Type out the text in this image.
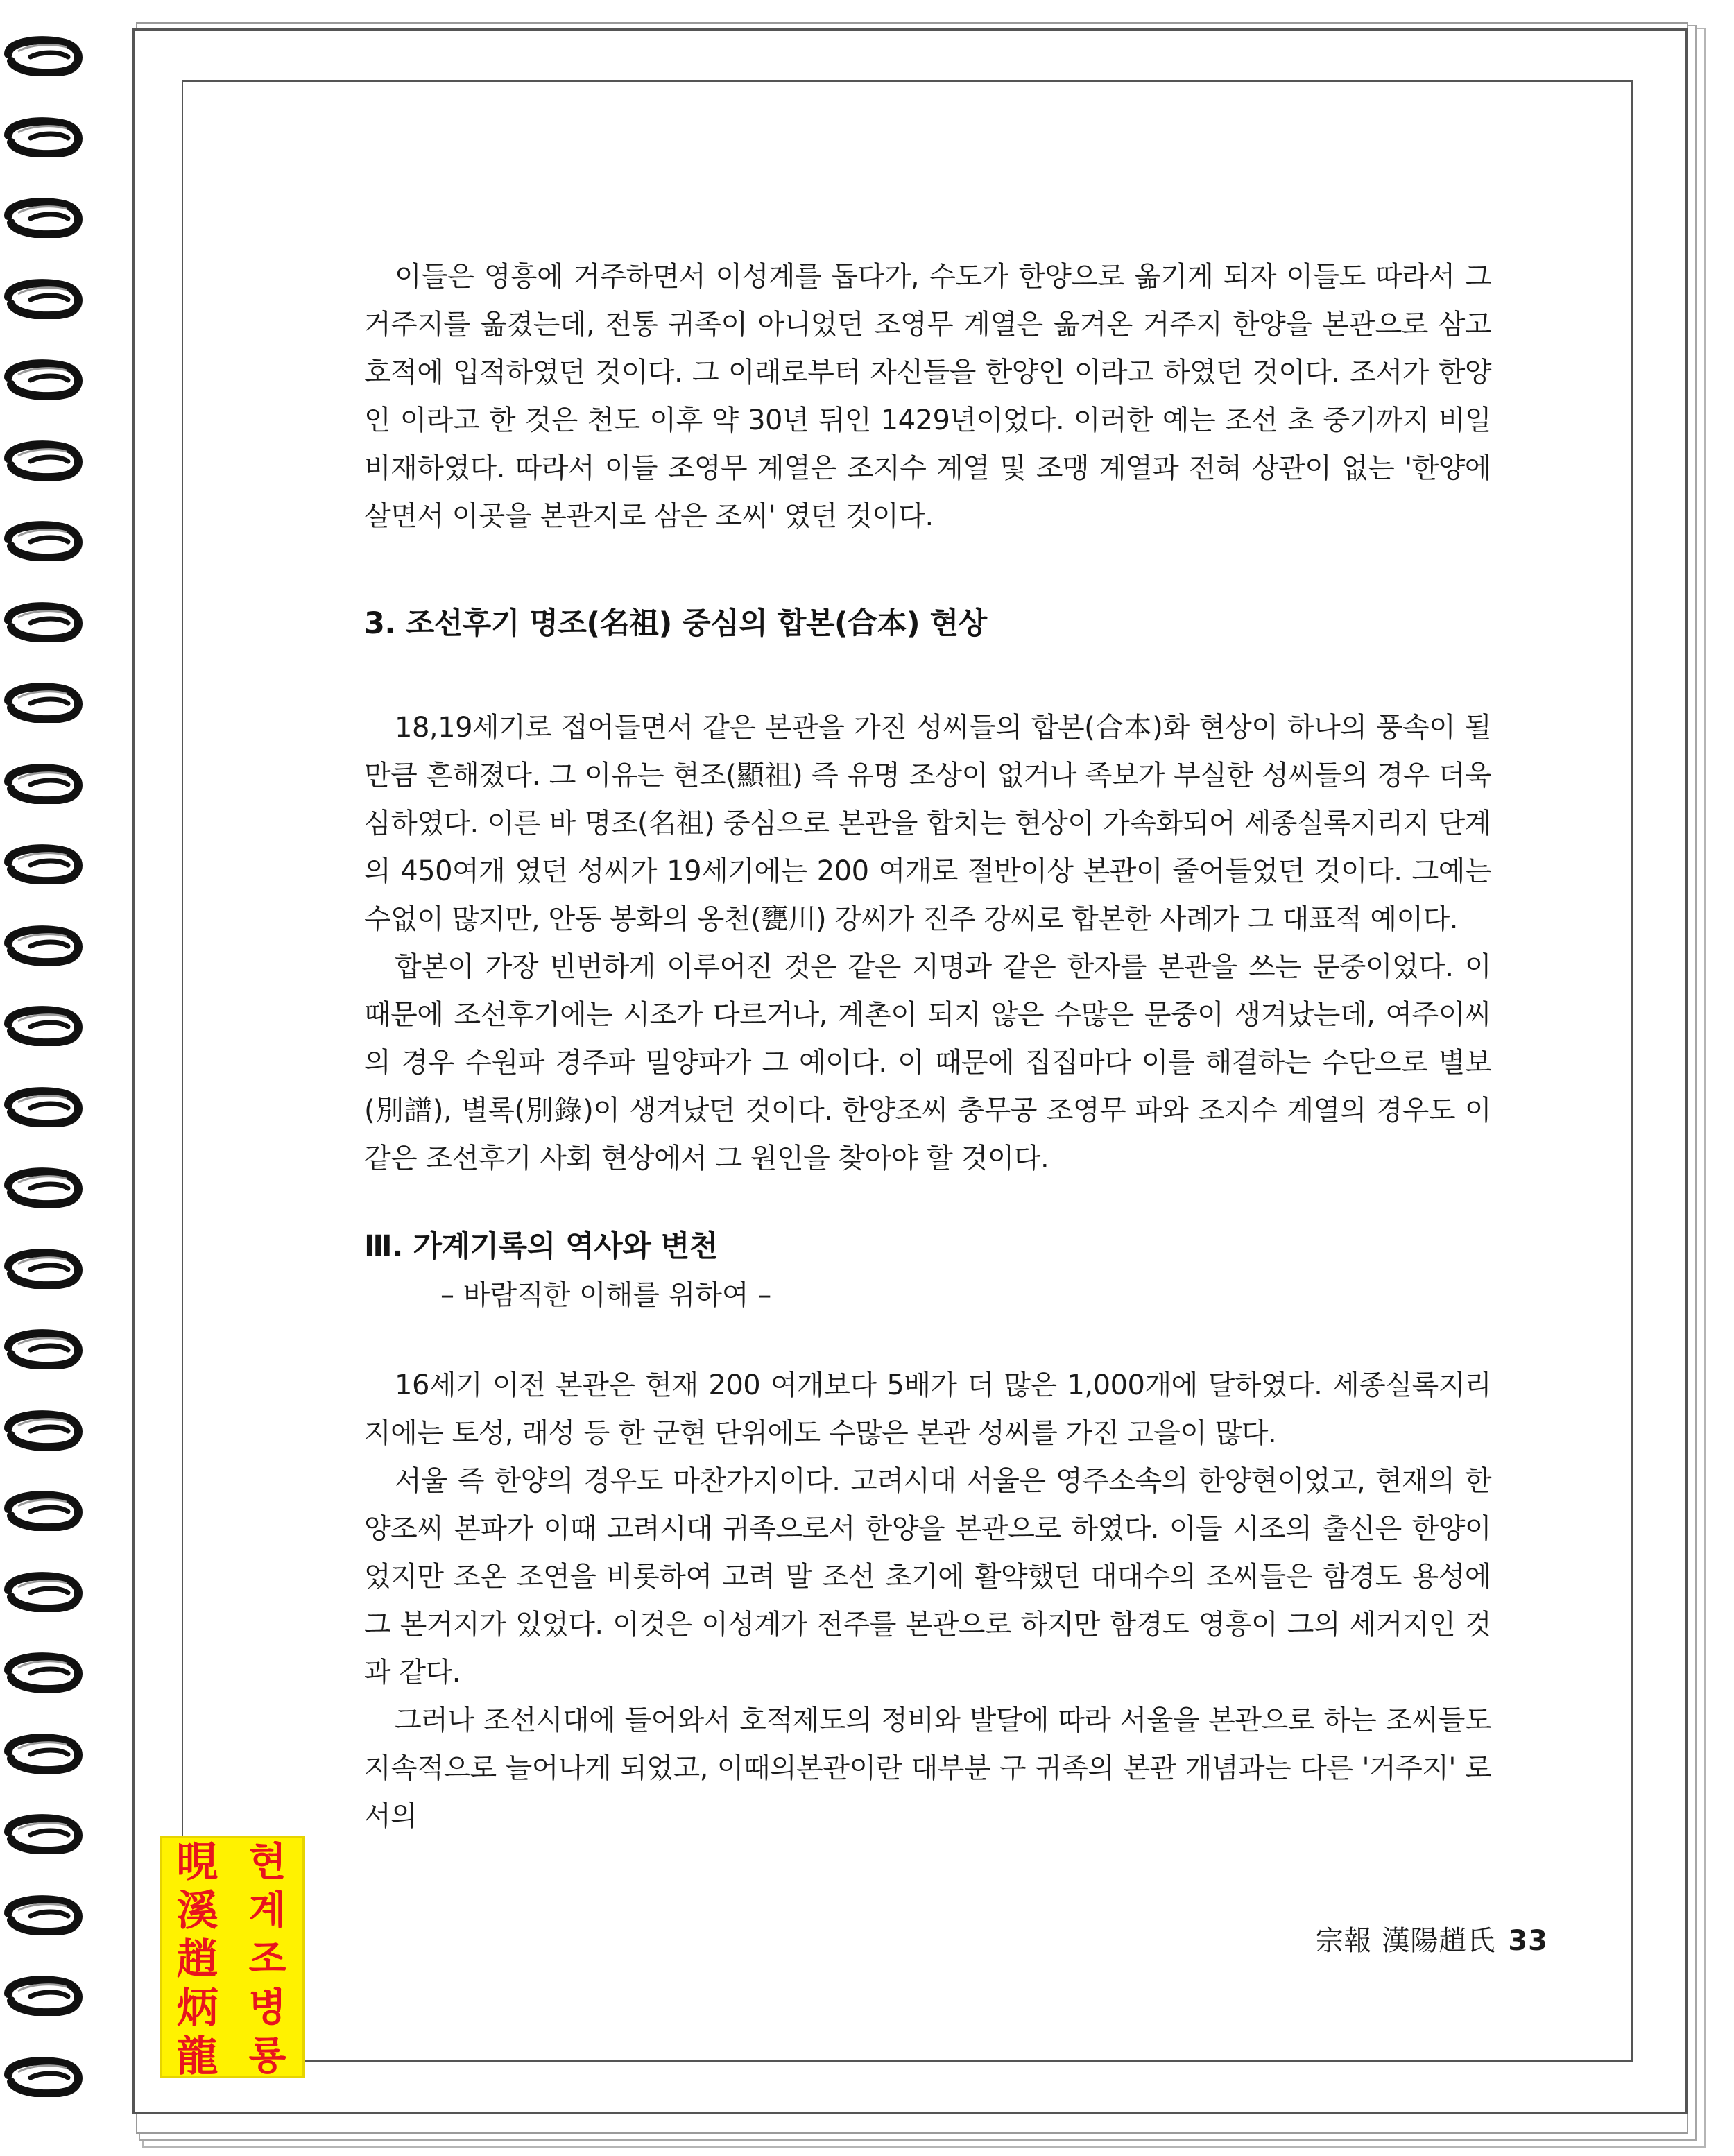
이들은 영흥에 거주하면서 이성계를 돕다가, 수도가 한양으로 옮기게 되자 이들도 따라서 그 거주지를 옮겼는데, 전통 귀족이 아니었던 조영무 계열은 옮겨온 거주지 한양을 본관으로 삼고 호적에 입적하였던 것이다. 그 이래로부터 자신들을 한양인 이라고 하였던 것이다. 조서가 한양인 이라고 한 것은 천도 이후 약 30년 뒤인 1429년이었다. 이러한 예는 조선 초 중기까지 비일비재하였다. 따라서 이들 조영무 계열은 조지수 계열 및 조맹 계열과 전혀 상관이 없는 '한양에 살면서 이곳을 본관지로 삼은 조씨' 였던 것이다.

3. 조선후기 명조(名祖) 중심의 합본(合本) 현상

18,19세기로 접어들면서 같은 본관을 가진 성씨들의 합본(合本)화 현상이 하나의 풍속이 될 만큼 흔해졌다. 그 이유는 현조(顯祖) 즉 유명 조상이 없거나 족보가 부실한 성씨들의 경우 더욱 심하였다. 이른 바 명조(名祖) 중심으로 본관을 합치는 현상이 가속화되어 세종실록지리지 단계의 450여개 였던 성씨가 19세기에는 200 여개로 절반이상 본관이 줄어들었던 것이다. 그예는 수없이 많지만, 안동 봉화의 옹천(甕川) 강씨가 진주 강씨로 합본한 사례가 그 대표적 예이다.

합본이 가장 빈번하게 이루어진 것은 같은 지명과 같은 한자를 본관을 쓰는 문중이었다. 이 때문에 조선후기에는 시조가 다르거나, 계촌이 되지 않은 수많은 문중이 생겨났는데, 여주이씨의 경우 수원파 경주파 밀양파가 그 예이다. 이 때문에 집집마다 이를 해결하는 수단으로 별보(別譜), 별록(別錄)이 생겨났던 것이다. 한양조씨 충무공 조영무 파와 조지수 계열의 경우도 이 같은 조선후기 사회 현상에서 그 원인을 찾아야 할 것이다.

Ⅲ. 가계기록의 역사와 변천
– 바람직한 이해를 위하여 –

16세기 이전 본관은 현재 200 여개보다 5배가 더 많은 1,000개에 달하였다. 세종실록지리지에는 토성, 래성 등 한 군현 단위에도 수많은 본관 성씨를 가진 고을이 많다.

서울 즉 한양의 경우도 마찬가지이다. 고려시대 서울은 영주소속의 한양현이었고, 현재의 한양조씨 본파가 이때 고려시대 귀족으로서 한양을 본관으로 하였다. 이들 시조의 출신은 한양이었지만 조온 조연을 비롯하여 고려 말 조선 초기에 활약했던 대대수의 조씨들은 함경도 용성에 그 본거지가 있었다. 이것은 이성계가 전주를 본관으로 하지만 함경도 영흥이 그의 세거지인 것과 같다.

그러나 조선시대에 들어와서 호적제도의 정비와 발달에 따라 서울을 본관으로 하는 조씨들도 지속적으로 늘어나게 되었고, 이때의본관이란 대부분 구 귀족의 본관 개념과는 다른 '거주지' 로서의

晛
溪
趙
炳
龍
현
계
조
병
룡
宗報 漢陽趙氏 33
